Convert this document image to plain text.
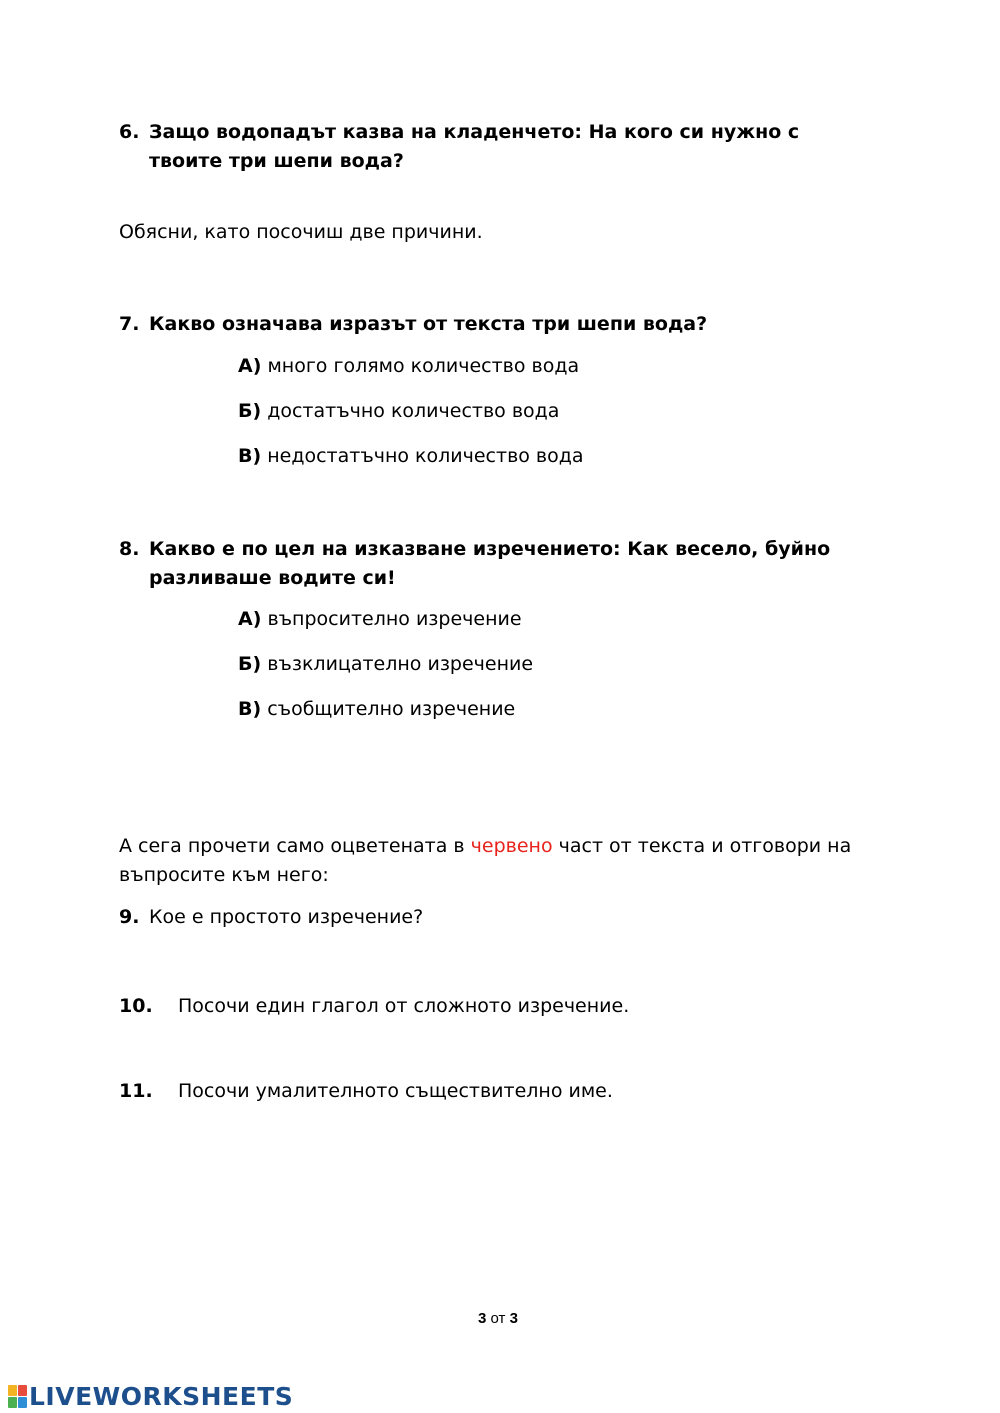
6. Защо водопадът казва на кладенчето: На кого си нужно с
твоите три шепи вода?
Обясни, като посочиш две причини.
7. Какво означава изразът от текста три шепи вода?
А) много голямо количество вода
Б) достатъчно количество вода
В) недостатъчно количество вода
8. Какво е по цел на изказване изречението: Как весело, буйно
разливаше водите си!
А) въпросително изречение
Б) възклицателно изречение
В) съобщително изречение
А сега прочети само оцветената в червено част от текста и отговори на
въпросите към него:
9. Кое е простото изречение?
10. Посочи един глагол от сложното изречение.
11. Посочи умалителното съществително име.
3 от 3
LIVEWORKSHEETS
